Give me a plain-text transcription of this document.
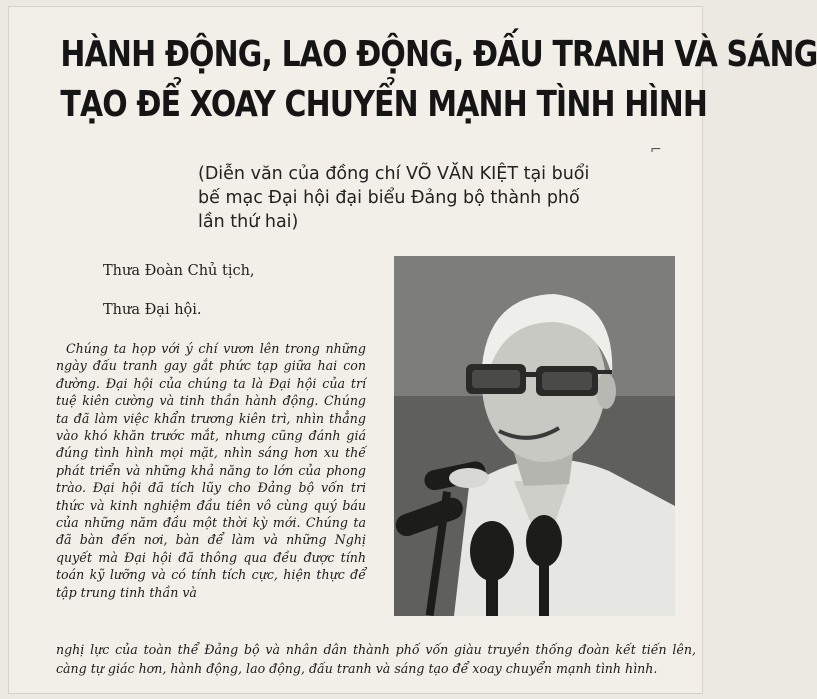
HÀNH ĐỘNG, LAO ĐỘNG, ĐẤU TRANH VÀ SÁNG
TẠO ĐỂ XOAY CHUYỂN MẠNH TÌNH HÌNH
⌐
(Diễn văn của đồng chí VÕ VĂN KIỆT tại buổi
bế mạc Đại hội đại biểu Đảng bộ thành phố
lần thứ hai)
Thưa Đoàn Chủ tịch,
Thưa Đại hội.
Chúng ta họp với ý chí vươn lên trong những ngày đấu tranh gay gắt phức tạp giữa hai con đường. Đại hội của chúng ta là Đại hội của trí tuệ kiên cường và tinh thần hành động. Chúng ta đã làm việc khẩn trương kiên trì, nhìn thẳng vào khó khăn trước mắt, nhưng cũng đánh giá đúng tình hình mọi mặt, nhìn sáng hơn xu thế phát triển và những khả năng to lớn của phong trào. Đại hội đã tích lũy cho Đảng bộ vốn tri thức và kinh nghiệm đầu tiên vô cùng quý báu của những năm đầu một thời kỳ mới. Chúng ta đã bàn đến nơi, bàn để làm và những Nghị quyết mà Đại hội đã thông qua đều được tính toán kỹ lưỡng và có tính tích cực, hiện thực để tập trung tinh thần và
nghị lực của toàn thể Đảng bộ và nhân dân thành phố vốn giàu truyền thống đoàn kết tiến lên, càng tự giác hơn, hành động, lao động, đấu tranh và sáng tạo để xoay chuyển mạnh tình hình.
